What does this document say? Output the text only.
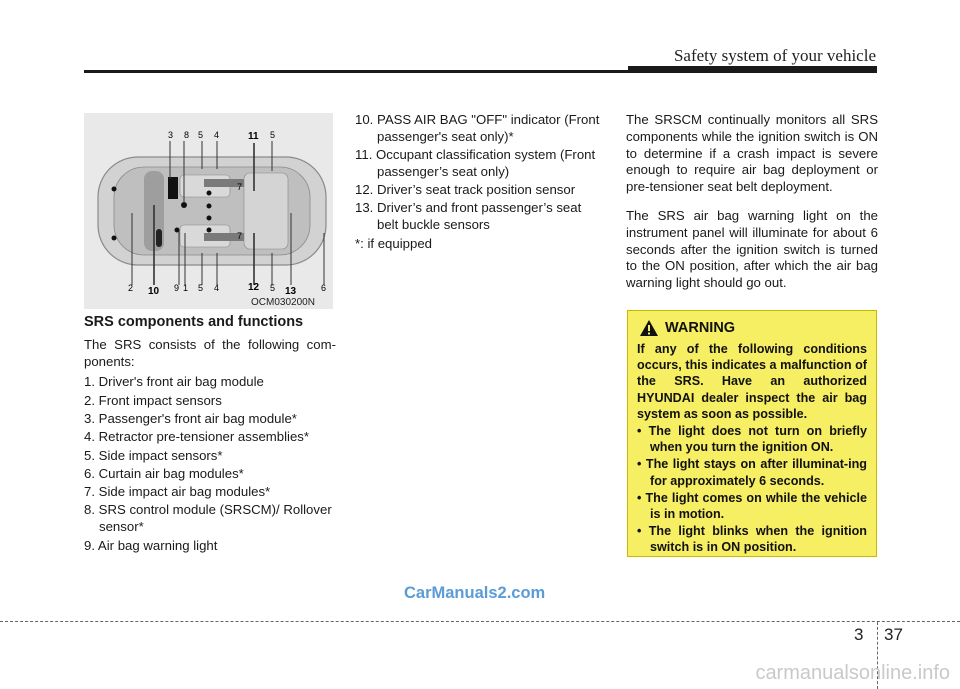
Safety system of your vehicle
3 8 5 4	11 5
7
7
2 10 9 1 5 4	12 5 13	6
OCM030200N
SRS components and functions

The SRS consists of the following com-ponents:

1. Driver's front air bag module

2. Front impact sensors

3. Passenger's front air bag module*

4. Retractor pre-tensioner assemblies*

5. Side impact sensors*

6. Curtain air bag modules*

7. Side impact air bag modules*

8. SRS control module (SRSCM)/ Rollover sensor*

9. Air bag warning light

10. PASS AIR BAG "OFF" indicator (Front passenger's seat only)*

11. Occupant classification system (Front passenger’s seat only)

12. Driver’s seat track position sensor

13. Driver’s and front passenger’s seat belt buckle sensors

*: if equipped

The SRSCM continually monitors all SRS components while the ignition switch is ON to determine if a crash impact is severe enough to require air bag deployment or pre-tensioner seat belt deployment.

The SRS air bag warning light on the instrument panel will illuminate for about 6 seconds after the ignition switch is turned to the ON position, after which the air bag warning light should go out.

WARNING

If any of the following conditions occurs, this indicates a malfunction of the SRS. Have an authorized HYUNDAI dealer inspect the air bag system as soon as possible.

• The light does not turn on briefly when you turn the ignition ON.

• The light stays on after illuminat-ing for approximately 6 seconds.

• The light comes on while the vehicle is in motion.

• The light blinks when the ignition switch is in ON position.

CarManuals2.com
3 37
carmanualsonline.info
